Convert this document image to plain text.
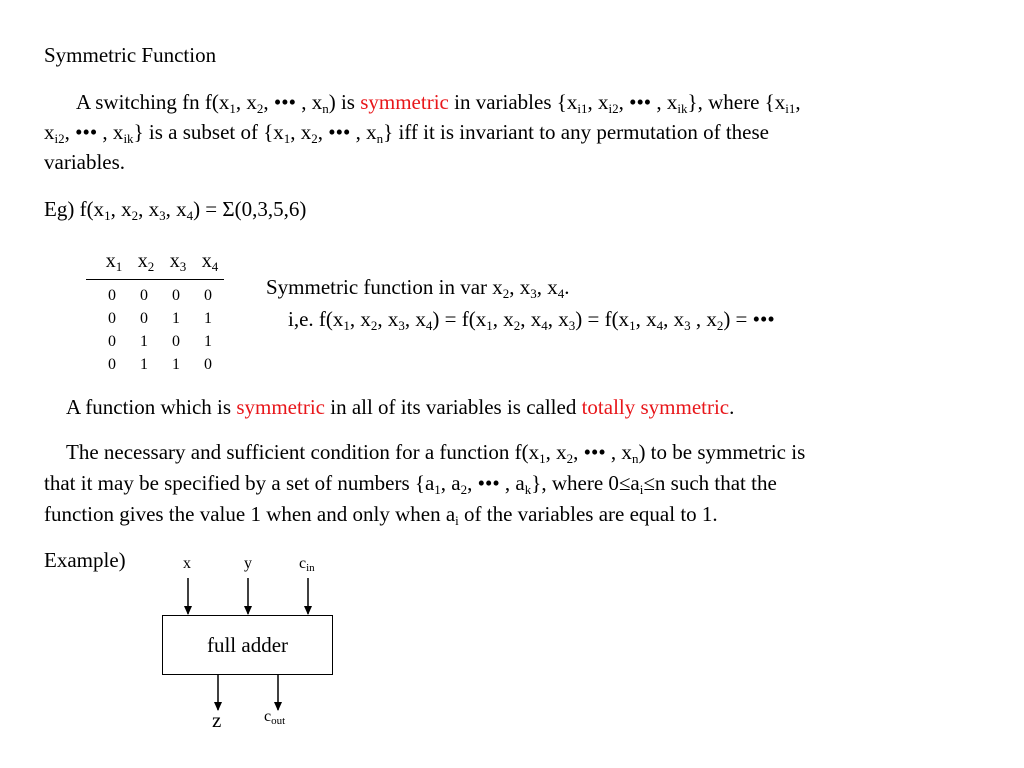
Symmetric Function
A switching fn $f(x_1$, $x_2$, ••• , $x_n$) is symmetric in variables {$x_{i1}$, $x_{i2}$, ••• , $x_{ik}$}, where {$x_{i1}$,
$x_{i2}$, ••• , $x_{ik}$} is a subset of {$x_1$, $x_2$, ••• , $x_n$} iff it is invariant to any permutation of these
variables.
Eg) $f(x_1$, $x_2$, $x_3$, $x_4) = \Sigma(0,3,5,6)$
$x_1$ $x_2$ $x_3$ $x_4$
0 0 0 0
0 0 1 1
0 1 0 1
0 1 1 0
Symmetric function in var $x_2$, $x_3$, $x_4$.
i,e. $f(x_1$, $x_2$, $x_3$, $x_4) = f(x_1$, $x_2$, $x_4$, $x_3) = f(x_1$, $x_4$, $x_3$ , $x_2$) = •••
A function which is symmetric in all of its variables is called totally symmetric.
The necessary and sufficient condition for a function $f(x_1$, $x_2$, ••• , $x_n$) to be symmetric is
that it may be specified by a set of numbers {$a_1$, $a_2$, ••• , $a_k$}, where $0\le a_i\le n$ such that the
function gives the value 1 when and only when $a_i$ of the variables are equal to 1.
Example)	x	y	$c_{in}$
full adder
z	$c_{out}$
